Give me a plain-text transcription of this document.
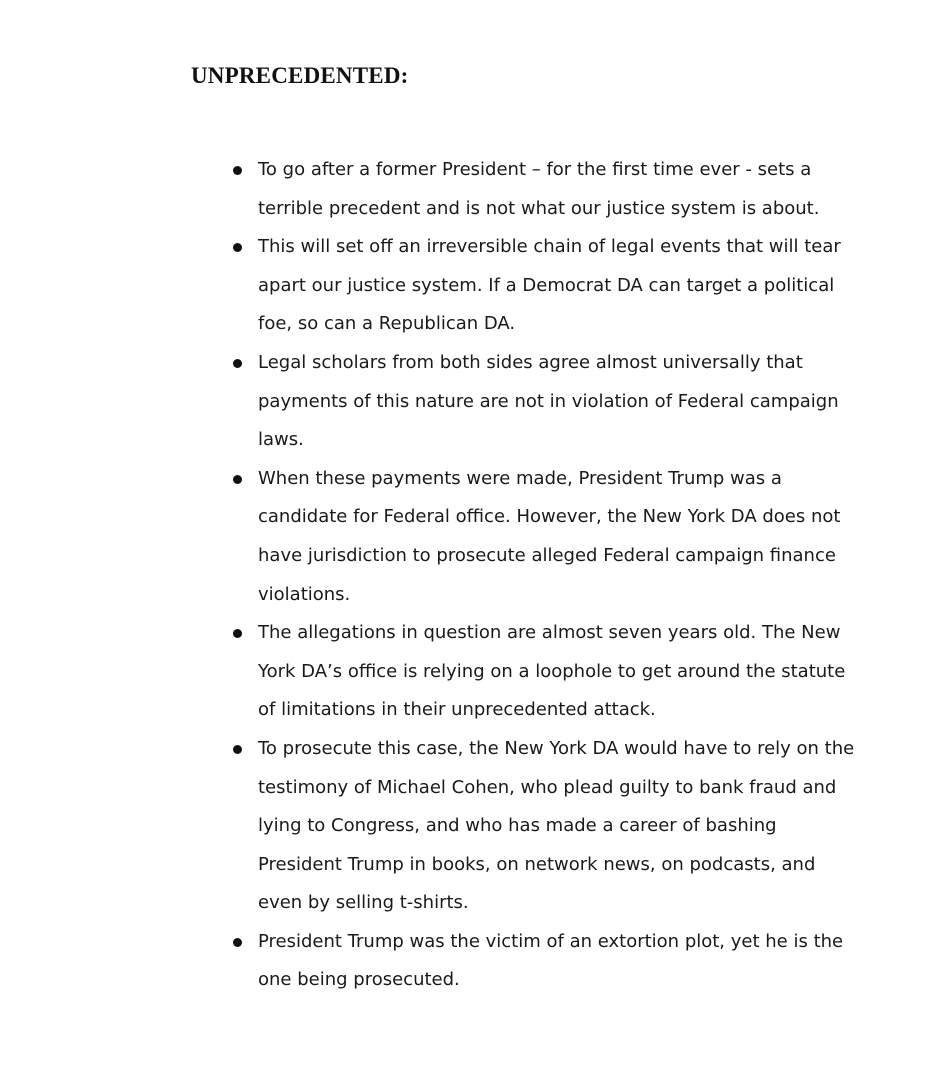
UNPRECEDENTED:
To go after a former President – for the first time ever - sets a
terrible precedent and is not what our justice system is about.
This will set off an irreversible chain of legal events that will tear
apart our justice system. If a Democrat DA can target a political
foe, so can a Republican DA.
Legal scholars from both sides agree almost universally that
payments of this nature are not in violation of Federal campaign
laws.
When these payments were made, President Trump was a
candidate for Federal office. However, the New York DA does not
have jurisdiction to prosecute alleged Federal campaign finance
violations.
The allegations in question are almost seven years old. The New
York DA’s office is relying on a loophole to get around the statute
of limitations in their unprecedented attack.
To prosecute this case, the New York DA would have to rely on the
testimony of Michael Cohen, who plead guilty to bank fraud and
lying to Congress, and who has made a career of bashing
President Trump in books, on network news, on podcasts, and
even by selling t-shirts.
President Trump was the victim of an extortion plot, yet he is the
one being prosecuted.
